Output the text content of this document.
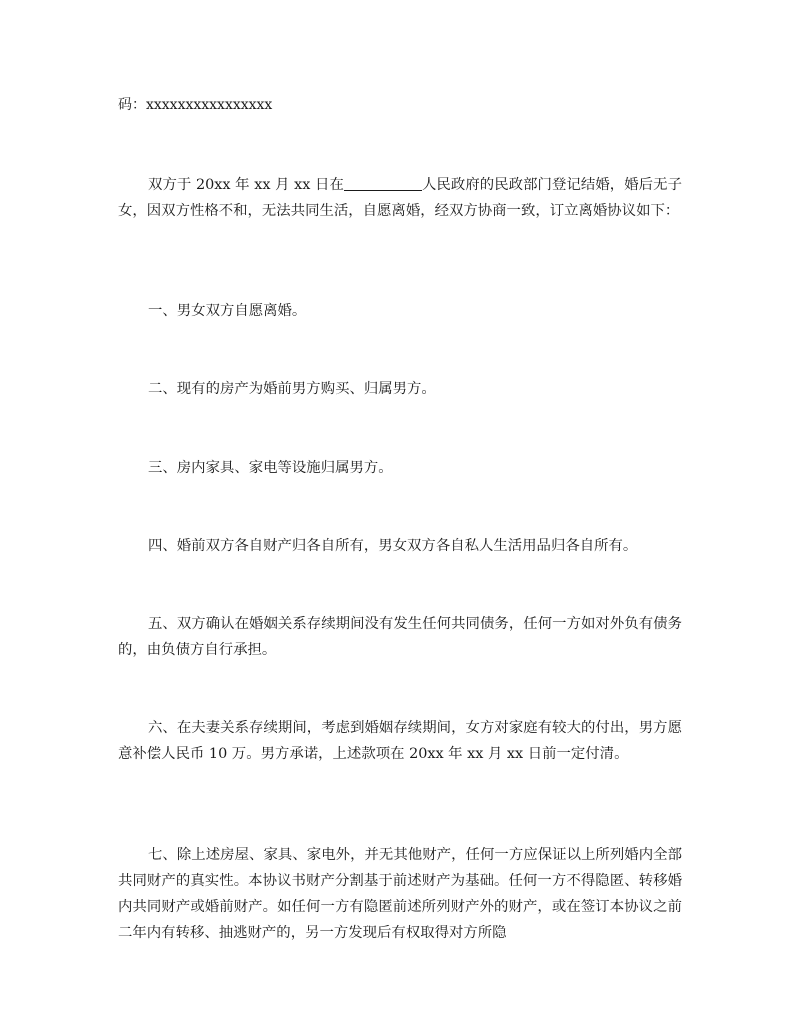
码：xxxxxxxxxxxxxxxx
双方于 20xx 年 xx 月 xx 日在	人民政府的民政部门登记结婚，婚后无子女，因双方性格不和，无法共同生活，自愿离婚，经双方协商一致，订立离婚协议如下：
一、男女双方自愿离婚。
二、现有的房产为婚前男方购买、归属男方。
三、房内家具、家电等设施归属男方。
四、婚前双方各自财产归各自所有，男女双方各自私人生活用品归各自所有。
五、双方确认在婚姻关系存续期间没有发生任何共同债务，任何一方如对外负有债务的，由负债方自行承担。
六、在夫妻关系存续期间，考虑到婚姻存续期间，女方对家庭有较大的付出，男方愿意补偿人民币 10 万。男方承诺，上述款项在 20xx 年 xx 月 xx 日前一定付清。
七、除上述房屋、家具、家电外，并无其他财产，任何一方应保证以上所列婚内全部共同财产的真实性。本协议书财产分割基于前述财产为基础。任何一方不得隐匿、转移婚内共同财产或婚前财产。如任何一方有隐匿前述所列财产外的财产，或在签订本协议之前二年内有转移、抽逃财产的，另一方发现后有权取得对方所隐
